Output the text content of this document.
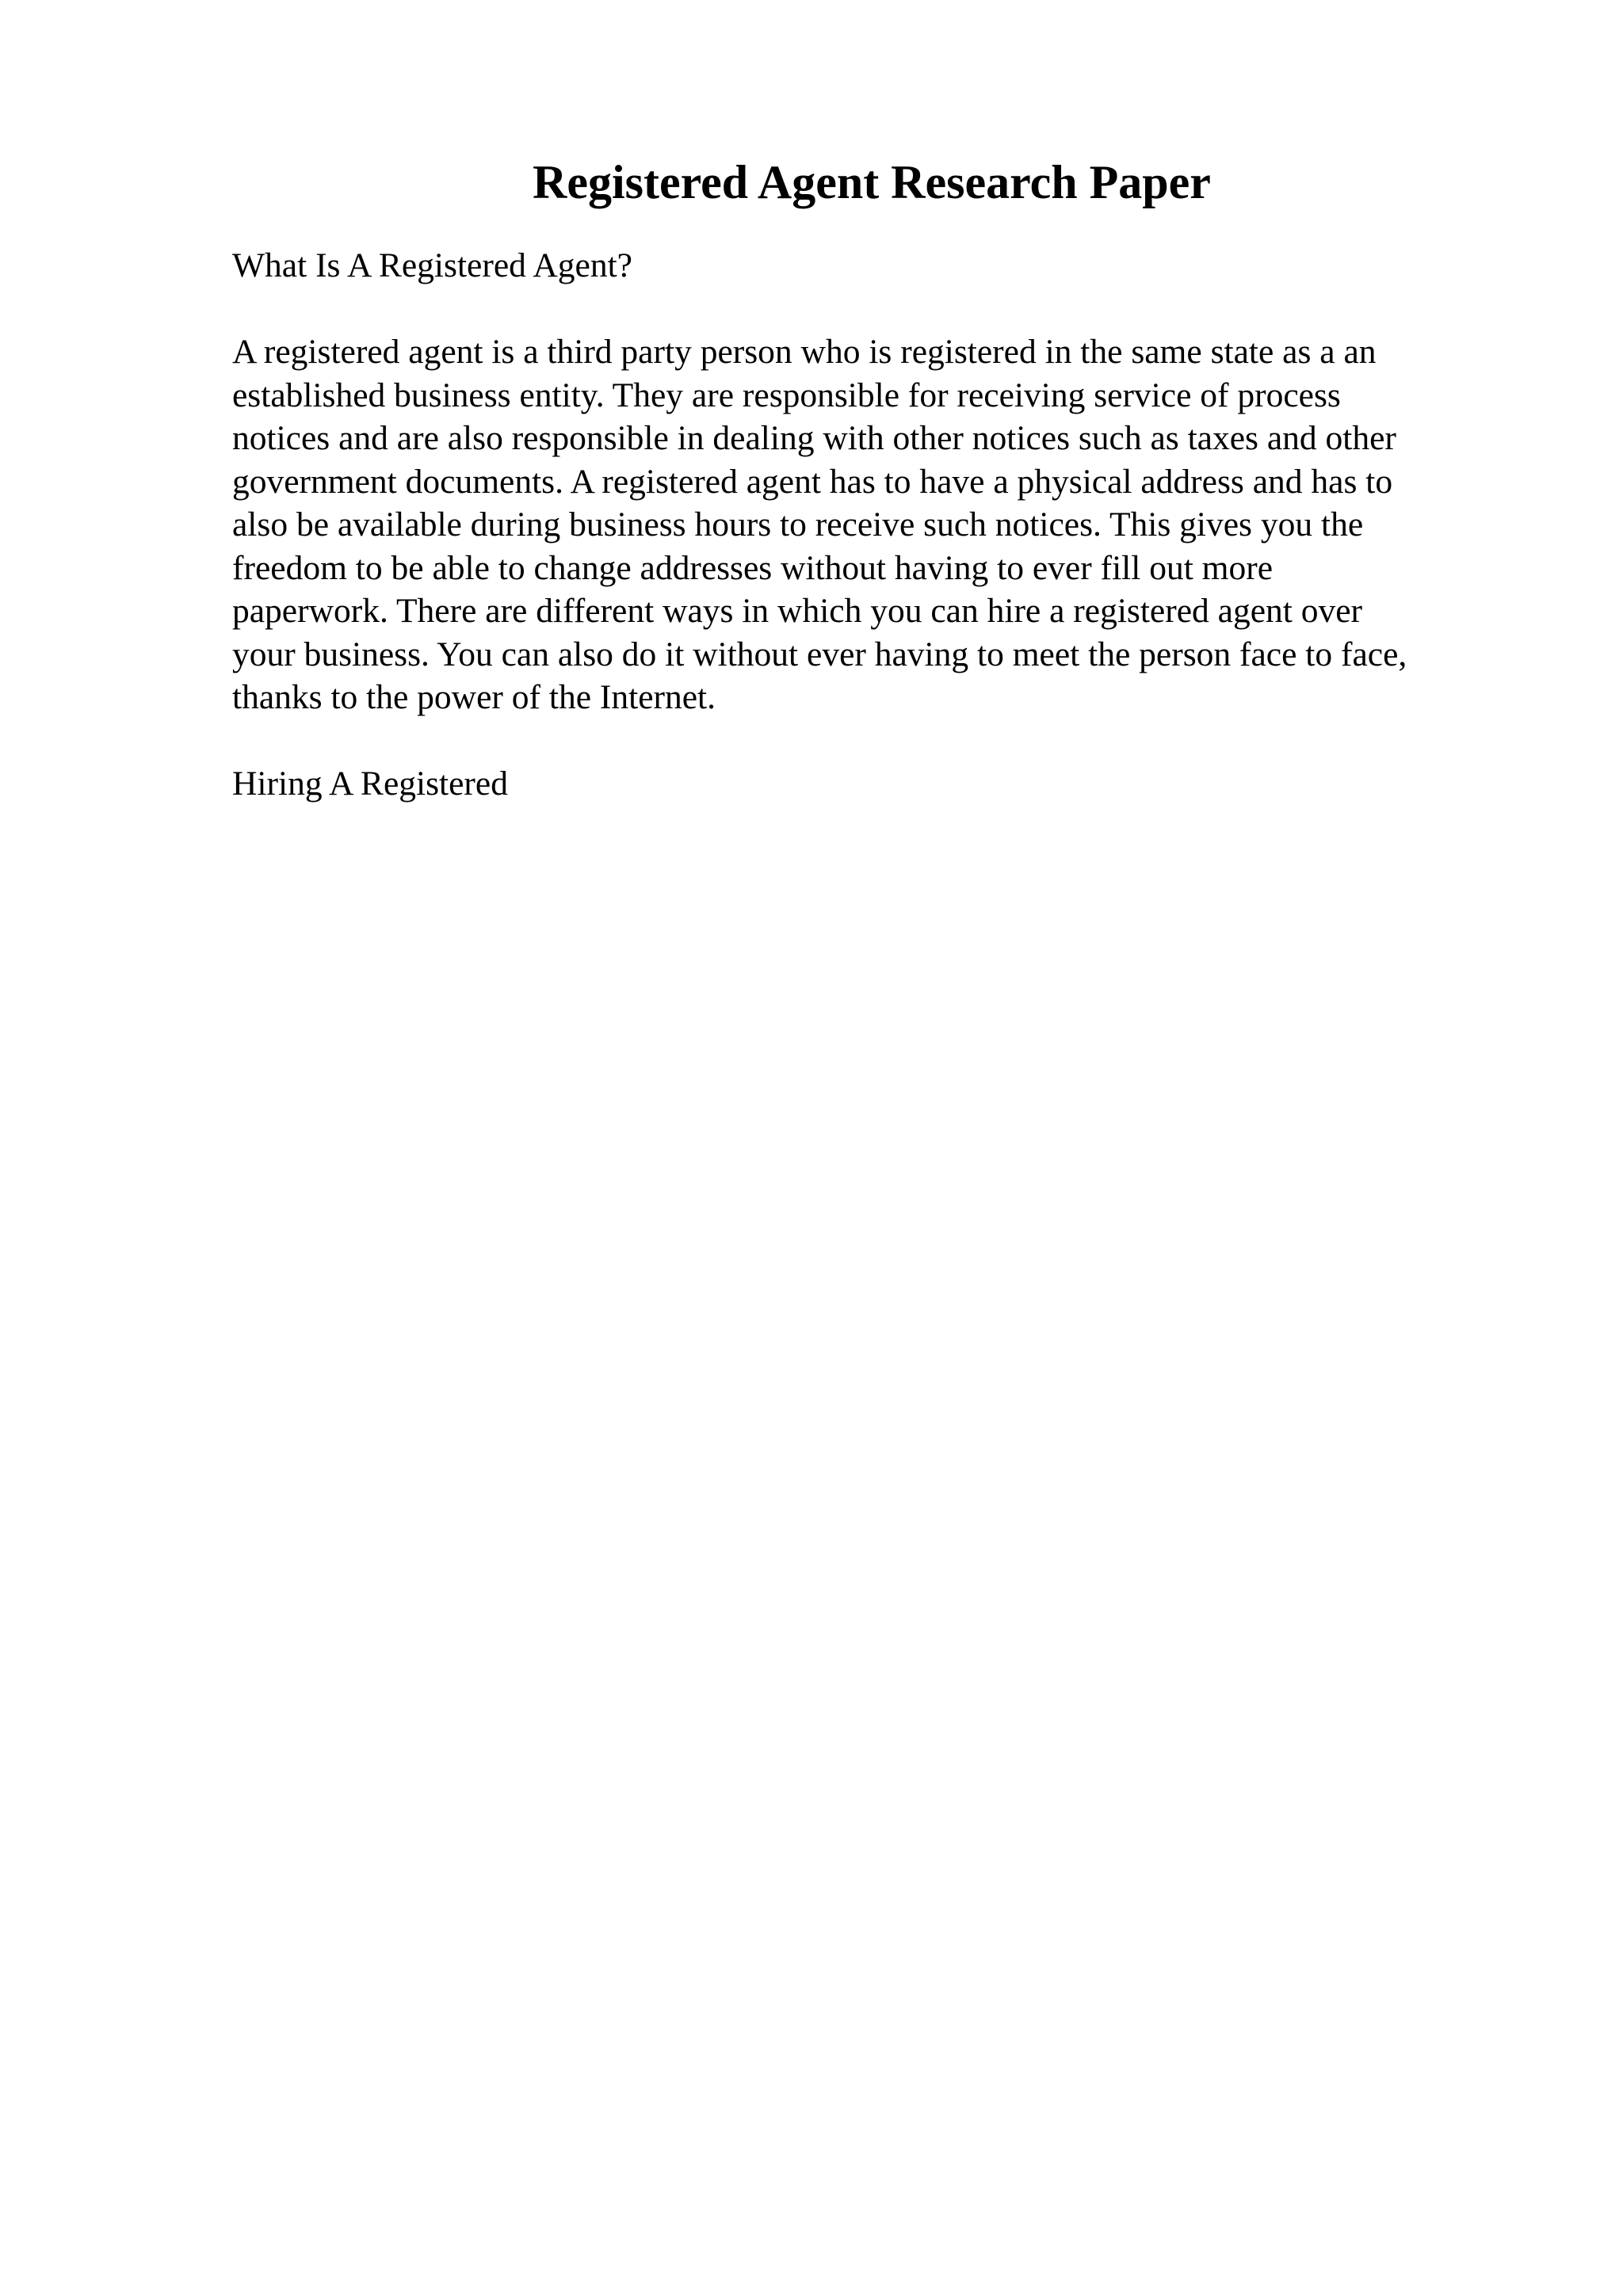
Registered Agent Research Paper

What Is A Registered Agent?

A registered agent is a third party person who is registered in the same state as a an
established business entity. They are responsible for receiving service of process
notices and are also responsible in dealing with other notices such as taxes and other
government documents. A registered agent has to have a physical address and has to
also be available during business hours to receive such notices. This gives you the
freedom to be able to change addresses without having to ever fill out more
paperwork. There are different ways in which you can hire a registered agent over
your business. You can also do it without ever having to meet the person face to face,
thanks to the power of the Internet.

Hiring A Registered
